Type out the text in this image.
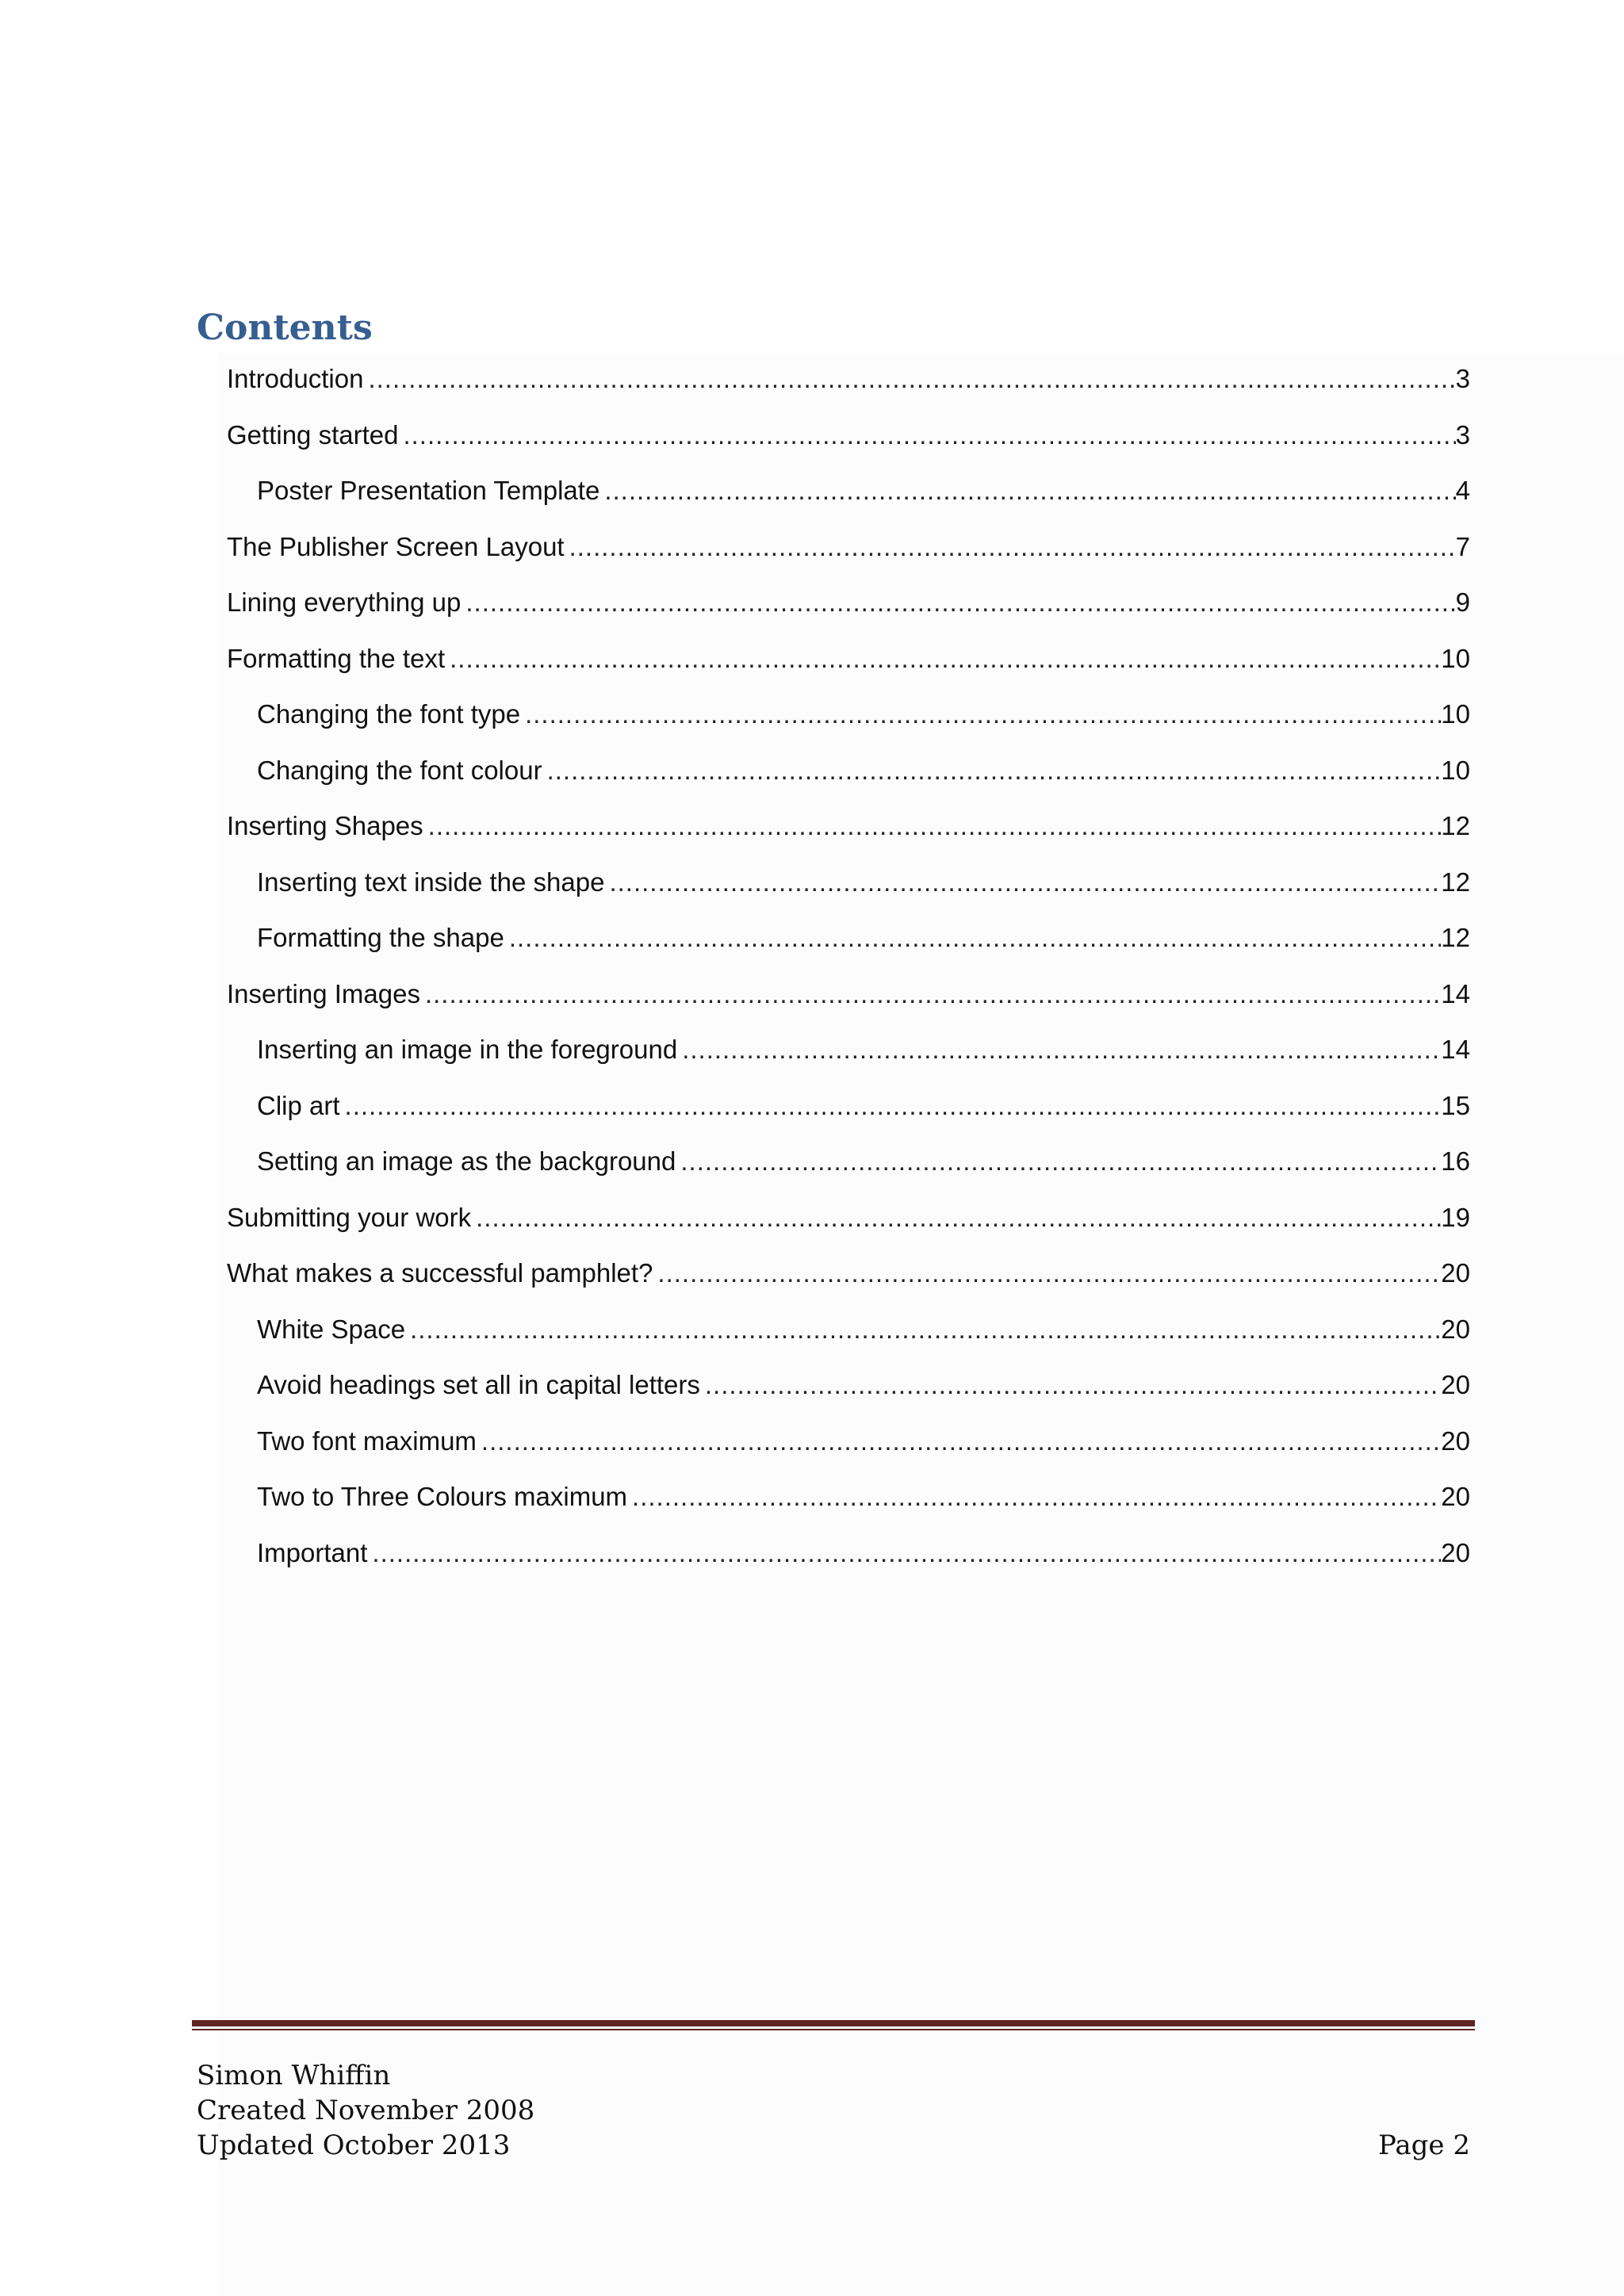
Contents
Introduction .....	3
Getting started .....	3
Poster Presentation Template .....	4
The Publisher Screen Layout .....	7
Lining everything up .....	9
Formatting the text .....	10
Changing the font type .....	10
Changing the font colour .....	10
Inserting Shapes .....	12
Inserting text inside the shape .....	12
Formatting the shape .....	12
Inserting Images .....	14
Inserting an image in the foreground .....	14
Clip art .....	15
Setting an image as the background .....	16
Submitting your work .....	19
What makes a successful pamphlet? .....	20
White Space .....	20
Avoid headings set all in capital letters .....	20
Two font maximum .....	20
Two to Three Colours maximum .....	20
Important .....	20
Simon Whiffin
Created November 2008
Updated October 2013	Page 2
